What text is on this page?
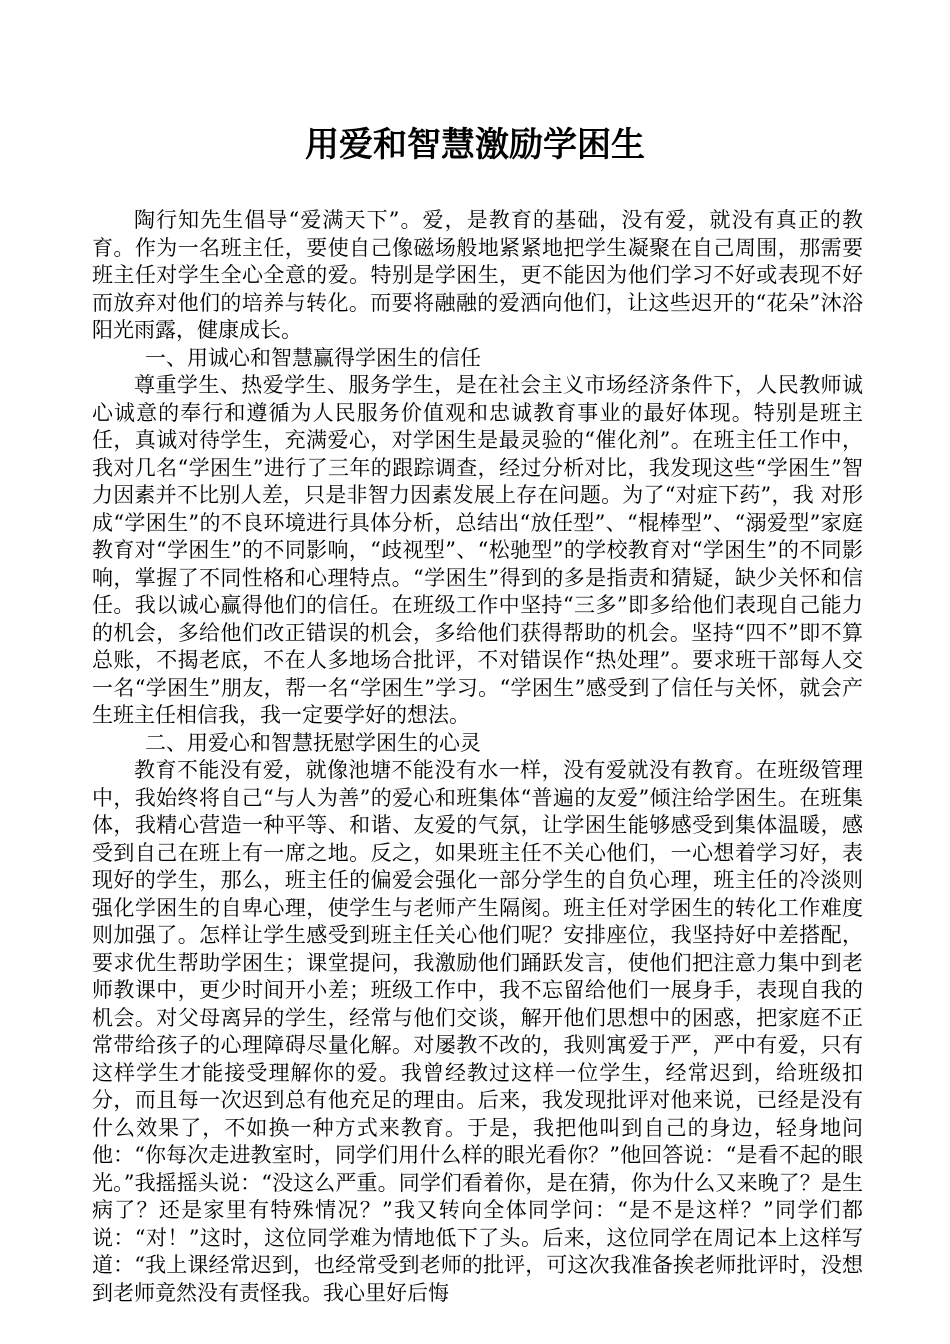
用爱和智慧激励学困生

陶行知先生倡导“爱满天下”。爱，是教育的基础，没有爱，就没有真正的教育。作为一名班主任，要使自己像磁场般地紧紧地把学生凝聚在自己周围，那需要班主任对学生全心全意的爱。特别是学困生，更不能因为他们学习不好或表现不好而放弃对他们的培养与转化。而要将融融的爱洒向他们，让这些迟开的“花朵”沐浴阳光雨露，健康成长。

一、用诚心和智慧赢得学困生的信任

尊重学生、热爱学生、服务学生，是在社会主义市场经济条件下，人民教师诚心诚意的奉行和遵循为人民服务价值观和忠诚教育事业的最好体现。特别是班主任，真诚对待学生，充满爱心，对学困生是最灵验的“催化剂”。在班主任工作中，我对几名“学困生”进行了三年的跟踪调查，经过分析对比，我发现这些“学困生”智力因素并不比别人差，只是非智力因素发展上存在问题。为了“对症下药”，我 对形成“学困生”的不良环境进行具体分析，总结出“放任型”、“棍棒型”、“溺爱型”家庭教育对“学困生”的不同影响，“歧视型”、“松驰型”的学校教育对“学困生”的不同影响，掌握了不同性格和心理特点。“学困生”得到的多是指责和猜疑，缺少关怀和信任。我以诚心赢得他们的信任。在班级工作中坚持“三多”即多给他们表现自己能力的机会，多给他们改正错误的机会，多给他们获得帮助的机会。坚持“四不”即不算总账，不揭老底，不在人多地场合批评，不对错误作“热处理”。要求班干部每人交一名“学困生”朋友，帮一名“学困生”学习。“学困生”感受到了信任与关怀，就会产生班主任相信我，我一定要学好的想法。

二、用爱心和智慧抚慰学困生的心灵

教育不能没有爱，就像池塘不能没有水一样，没有爱就没有教育。在班级管理中，我始终将自己“与人为善”的爱心和班集体“普遍的友爱”倾注给学困生。在班集体，我精心营造一种平等、和谐、友爱的气氛，让学困生能够感受到集体温暖，感受到自己在班上有一席之地。反之，如果班主任不关心他们，一心想着学习好，表现好的学生，那么，班主任的偏爱会强化一部分学生的自负心理，班主任的冷淡则强化学困生的自卑心理，使学生与老师产生隔阂。班主任对学困生的转化工作难度则加强了。怎样让学生感受到班主任关心他们呢？安排座位，我坚持好中差搭配，要求优生帮助学困生；课堂提问，我激励他们踊跃发言，使他们把注意力集中到老师教课中，更少时间开小差；班级工作中，我不忘留给他们一展身手，表现自我的机会。对父母离异的学生，经常与他们交谈，解开他们思想中的困惑，把家庭不正常带给孩子的心理障碍尽量化解。对屡教不改的，我则寓爱于严，严中有爱，只有这样学生才能接受理解你的爱。我曾经教过这样一位学生，经常迟到，给班级扣分，而且每一次迟到总有他充足的理由。后来，我发现批评对他来说，已经是没有什么效果了，不如换一种方式来教育。于是，我把他叫到自己的身边，轻身地问他：“你每次走进教室时，同学们用什么样的眼光看你？”他回答说：“是看不起的眼光。”我摇摇头说：“没这么严重。同学们看着你，是在猜，你为什么又来晚了？是生病了？还是家里有特殊情况？”我又转向全体同学问：“是不是这样？”同学们都说：“对！”这时，这位同学难为情地低下了头。后来，这位同学在周记本上这样写道：“我上课经常迟到，也经常受到老师的批评，可这次我准备挨老师批评时，没想到老师竟然没有责怪我。我心里好后悔
